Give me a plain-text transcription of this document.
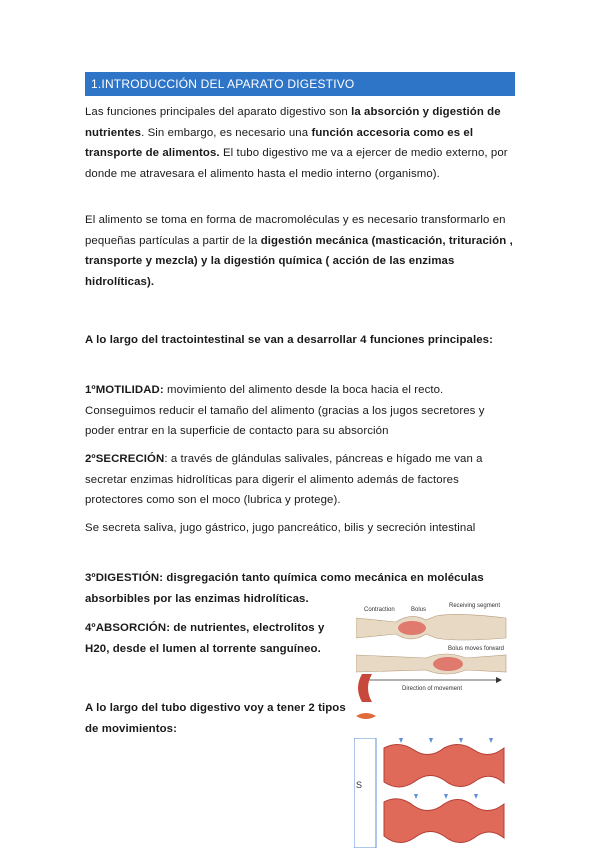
1.INTRODUCCIÓN DEL APARATO DIGESTIVO
Las funciones principales del aparato digestivo son la absorción y digestión de nutrientes. Sin embargo, es necesario una función accesoria como es el transporte de alimentos. El tubo digestivo me va a ejercer de medio externo, por donde me atravesara el alimento hasta el medio interno (organismo).
El alimento se toma en forma de macromoléculas y es necesario transformarlo en pequeñas partículas a partir de la digestión mecánica (masticación, trituración , transporte y mezcla) y la digestión química ( acción de las enzimas hidrolíticas).
A lo largo del tractointestinal se van a desarrollar 4 funciones principales:
1ºMOTILIDAD: movimiento del alimento desde la boca hacia el recto. Conseguimos reducir el tamaño del alimento (gracias a los jugos secretores y poder entrar en la superficie de contacto para su absorción
2ºSECRECIÓN: a través de glándulas salivales, páncreas e hígado me van a secretar enzimas hidrolíticas para digerir el alimento además de factores protectores como son el moco (lubrica y protege).
Se secreta saliva, jugo gástrico, jugo pancreático, bilis y secreción intestinal
3ºDIGESTIÓN: disgregación tanto química como mecánica en moléculas absorbibles por las enzimas hidrolíticas.
4ºABSORCIÓN: de nutrientes, electrolitos y H20, desde el lumen al torrente sanguíneo.
A lo largo del tubo digestivo voy a tener 2 tipos de movimientos:
Contraction	Bolus
Receiving segment
Bolus moves forward
Direction of movement
S
